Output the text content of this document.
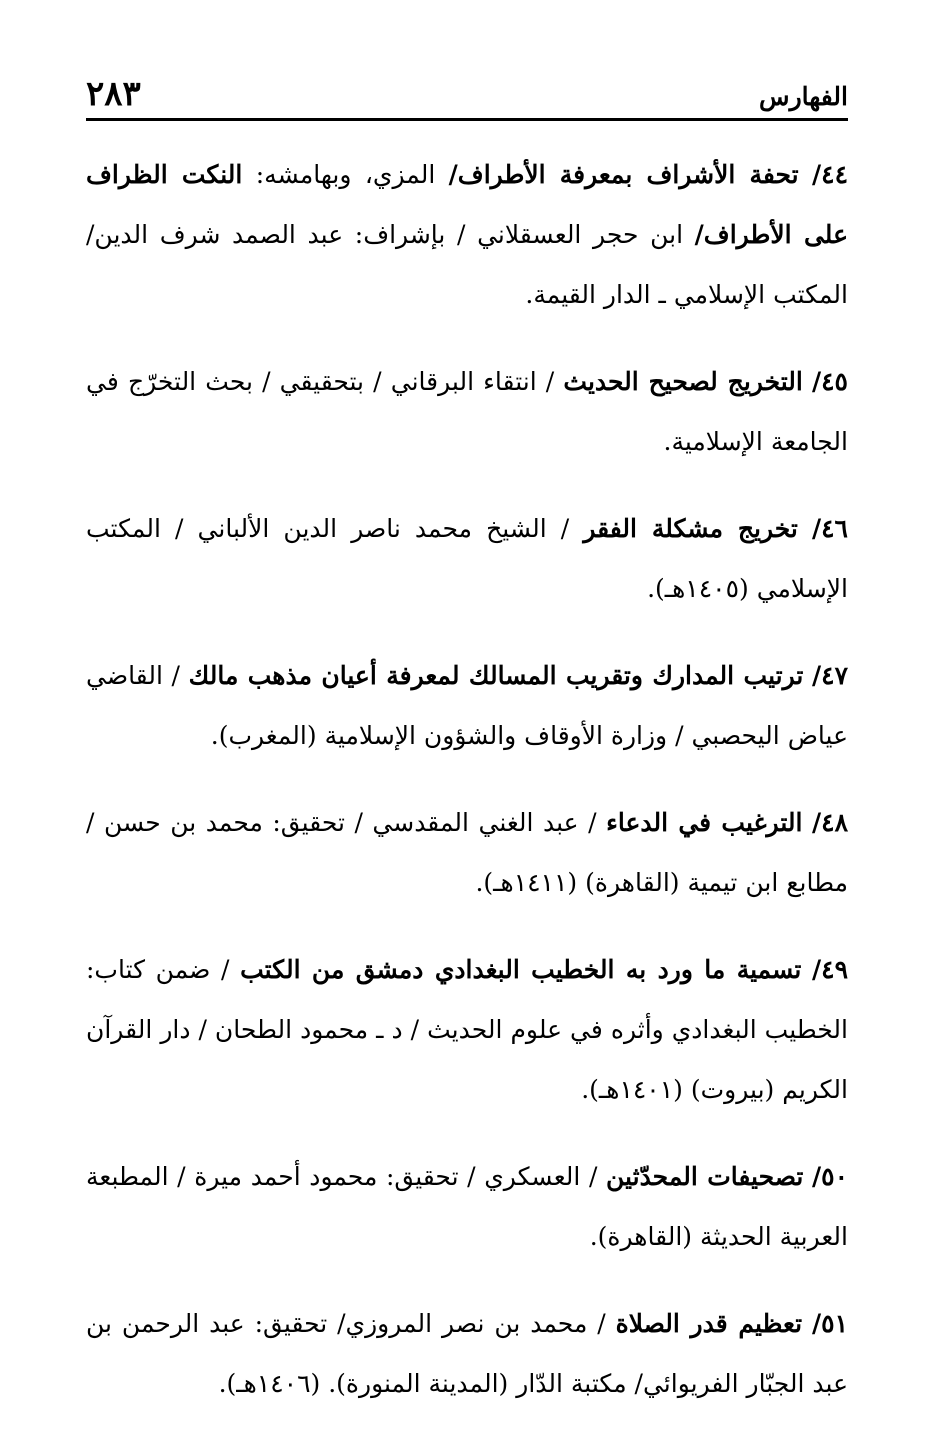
الفهارس
٢٨٣

٤٤/ تحفة الأشراف بمعرفة الأطراف/ المزي، وبهامشه: النكت الظراف على الأطراف/ ابن حجر العسقلاني / بإشراف: عبد الصمد شرف الدين/ المكتب الإسلامي ـ الدار القيمة.

٤٥/ التخريج لصحيح الحديث / انتقاء البرقاني / بتحقيقي / بحث التخرّج في الجامعة الإسلامية.

٤٦/ تخريج مشكلة الفقر / الشيخ محمد ناصر الدين الألباني / المكتب الإسلامي (١٤٠٥هـ).

٤٧/ ترتيب المدارك وتقريب المسالك لمعرفة أعيان مذهب مالك / القاضي عياض اليحصبي / وزارة الأوقاف والشؤون الإسلامية (المغرب).

٤٨/ الترغيب في الدعاء / عبد الغني المقدسي / تحقيق: محمد بن حسن / مطابع ابن تيمية (القاهرة) (١٤١١هـ).

٤٩/ تسمية ما ورد به الخطيب البغدادي دمشق من الكتب / ضمن كتاب: الخطيب البغدادي وأثره في علوم الحديث / د ـ محمود الطحان / دار القرآن الكريم (بيروت) (١٤٠١هـ).

٥٠/ تصحيفات المحدّثين / العسكري / تحقيق: محمود أحمد ميرة / المطبعة العربية الحديثة (القاهرة).

٥١/ تعظيم قدر الصلاة / محمد بن نصر المروزي/ تحقيق: عبد الرحمن بن عبد الجبّار الفريوائي/ مكتبة الدّار (المدينة المنورة). (١٤٠٦هـ).
